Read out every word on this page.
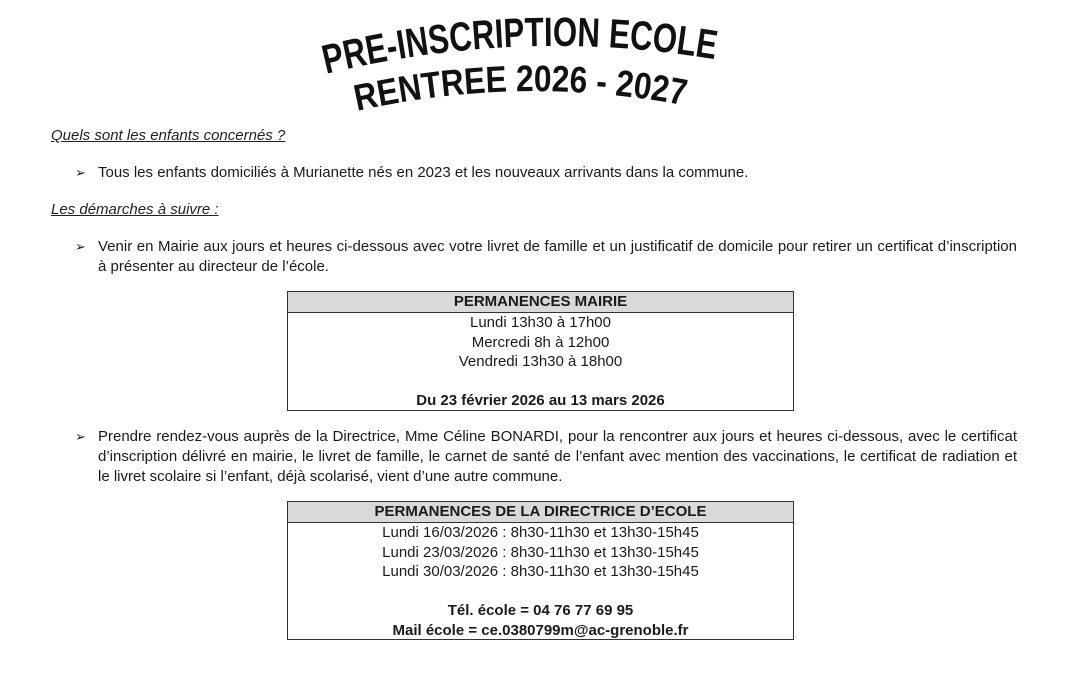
PRE-INSCRIPTION ECOLE
RENTREE 2026 - 2027
Quels sont les enfants concernés ?
➢ Tous les enfants domiciliés à Murianette nés en 2023 et les nouveaux arrivants dans la commune.
Les démarches à suivre :
➢ Venir en Mairie aux jours et heures ci-dessous avec votre livret de famille et un justificatif de domicile pour retirer un certificat d’inscription à présenter au directeur de l’école.
PERMANENCES MAIRIE
Lundi 13h30 à 17h00
Mercredi 8h à 12h00
Vendredi 13h30 à 18h00
Du 23 février 2026 au 13 mars 2026
➢ Prendre rendez-vous auprès de la Directrice, Mme Céline BONARDI, pour la rencontrer aux jours et heures ci-dessous, avec le certificat d’inscription délivré en mairie, le livret de famille, le carnet de santé de l’enfant avec mention des vaccinations, le certificat de radiation et le livret scolaire si l’enfant, déjà scolarisé, vient d’une autre commune.
PERMANENCES DE LA DIRECTRICE D’ECOLE
Lundi 16/03/2026 : 8h30-11h30 et 13h30-15h45
Lundi 23/03/2026 : 8h30-11h30 et 13h30-15h45
Lundi 30/03/2026 : 8h30-11h30 et 13h30-15h45
Tél. école = 04 76 77 69 95
Mail école = ce.0380799m@ac-grenoble.fr
